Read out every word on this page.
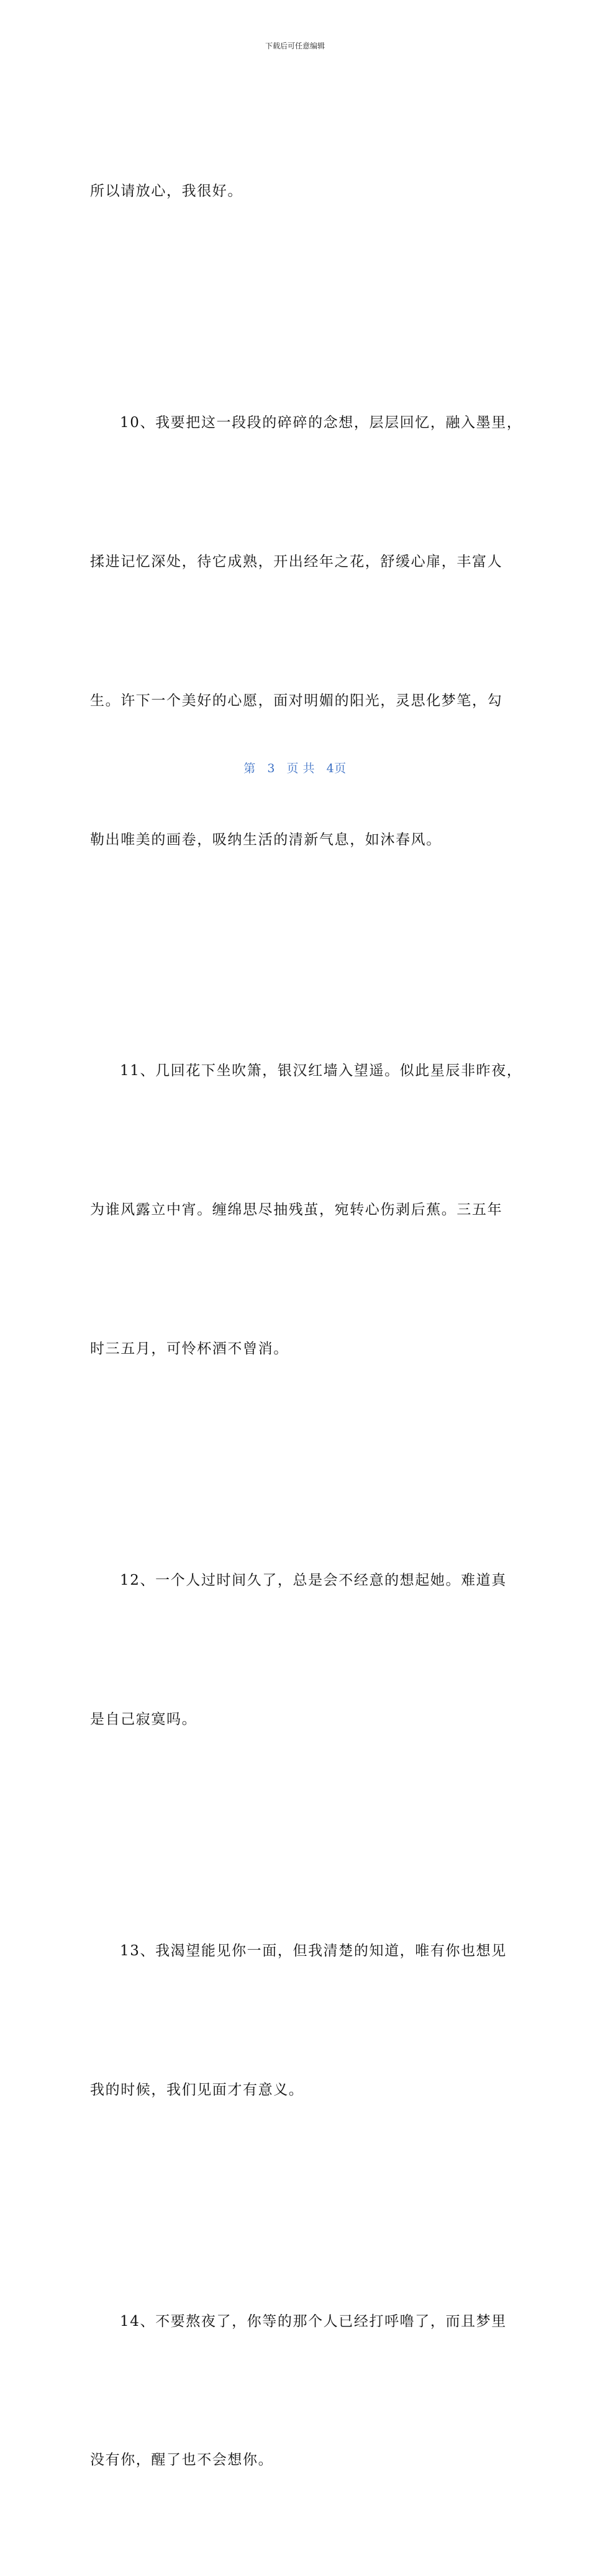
下载后可任意编辑

所以请放心，我很好。

10、我要把这一段段的碎碎的念想，层层回忆，融入墨里，

揉进记忆深处，待它成熟，开出经年之花，舒缓心扉，丰富人

生。许下一个美好的心愿，面对明媚的阳光，灵思化梦笔，勾

勒出唯美的画卷，吸纳生活的清新气息，如沐春风。

11、几回花下坐吹箫，银汉红墙入望遥。似此星辰非昨夜，

为谁风露立中宵。缠绵思尽抽残茧，宛转心伤剥后蕉。三五年

时三五月，可怜杯酒不曾消。

12、一个人过时间久了，总是会不经意的想起她。难道真

是自己寂寞吗。

13、我渴望能见你一面，但我清楚的知道，唯有你也想见

我的时候，我们见面才有意义。

14、不要熬夜了，你等的那个人已经打呼噜了，而且梦里

没有你，醒了也不会想你。

第 3 页 共 4页
